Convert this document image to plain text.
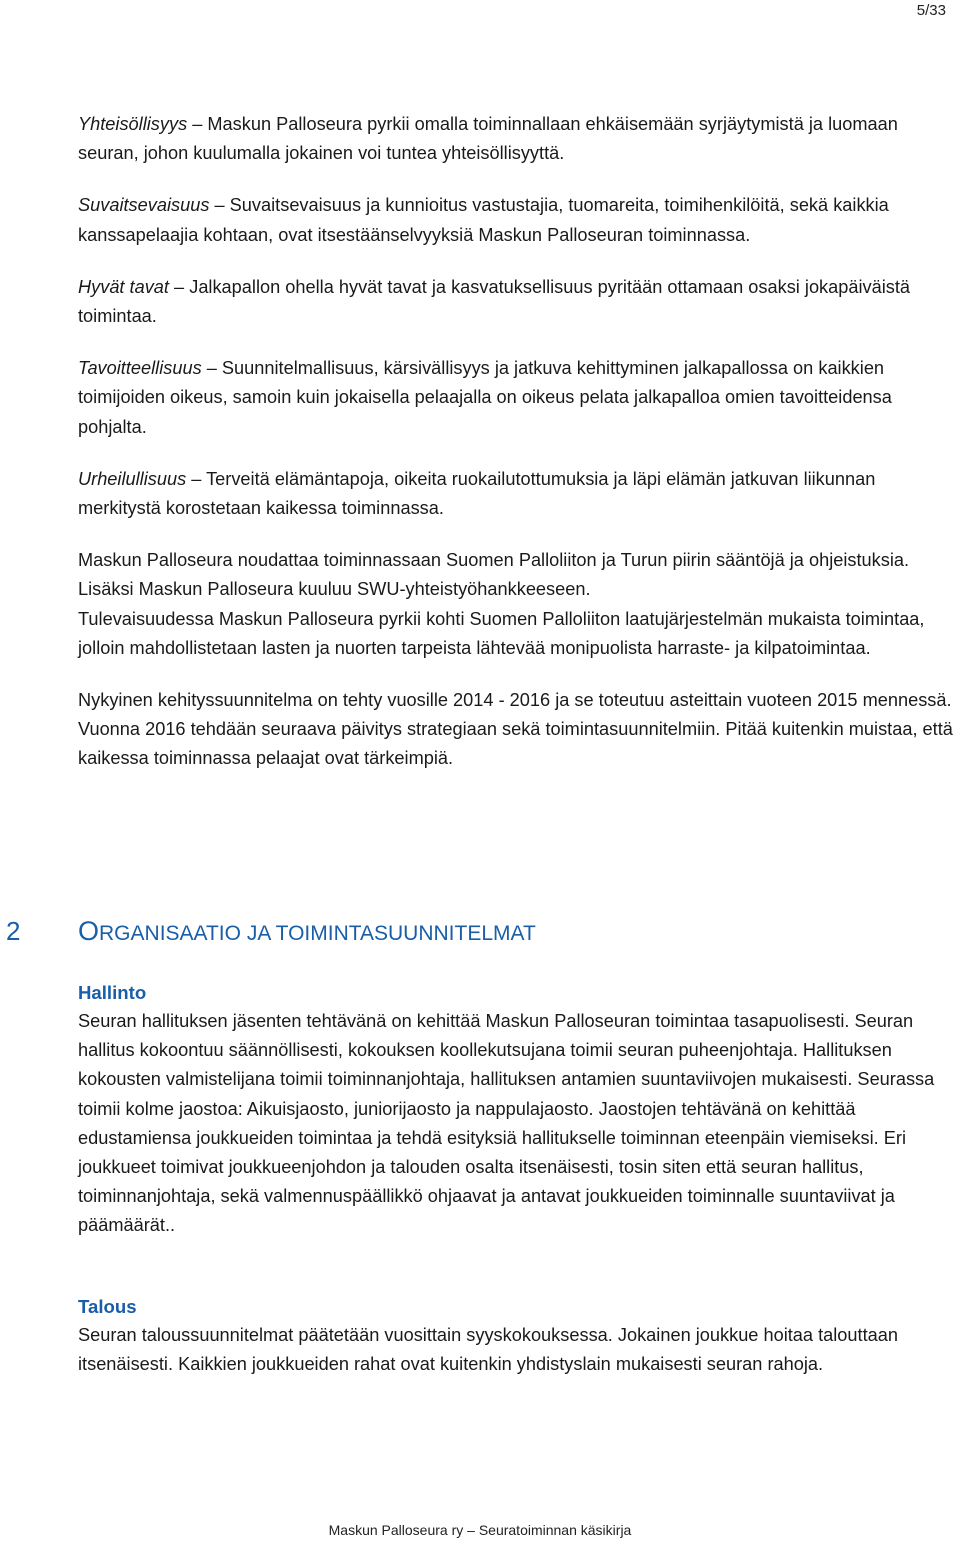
5/33

Yhteisöllisyys – Maskun Palloseura pyrkii omalla toiminnallaan ehkäisemään syrjäytymistä ja luomaan seuran, johon kuulumalla jokainen voi tuntea yhteisöllisyyttä.

Suvaitsevaisuus – Suvaitsevaisuus ja kunnioitus vastustajia, tuomareita, toimihenkilöitä, sekä kaikkia kanssapelaajia kohtaan, ovat itsestäänselvyyksiä Maskun Palloseuran toiminnassa.

Hyvät tavat – Jalkapallon ohella hyvät tavat ja kasvatuksellisuus pyritään ottamaan osaksi jokapäiväistä toimintaa.

Tavoitteellisuus – Suunnitelmallisuus, kärsivällisyys ja jatkuva kehittyminen jalkapallossa on kaikkien toimijoiden oikeus, samoin kuin jokaisella pelaajalla on oikeus pelata jalkapalloa omien tavoitteidensa pohjalta.

Urheilullisuus – Terveitä elämäntapoja, oikeita ruokailutottumuksia ja läpi elämän jatkuvan liikunnan merkitystä korostetaan kaikessa toiminnassa.

Maskun Palloseura noudattaa toiminnassaan Suomen Palloliiton ja Turun piirin sääntöjä ja ohjeistuksia. Lisäksi Maskun Palloseura kuuluu SWU-yhteistyöhankkeeseen.

Tulevaisuudessa Maskun Palloseura pyrkii kohti Suomen Palloliiton laatujärjestelmän mukaista toimintaa, jolloin mahdollistetaan lasten ja nuorten tarpeista lähtevää monipuolista harraste- ja kilpatoimintaa.

Nykyinen kehityssuunnitelma on tehty vuosille 2014 - 2016 ja se toteutuu asteittain vuoteen 2015 mennessä. Vuonna 2016 tehdään seuraava päivitys strategiaan sekä toimintasuunnitelmiin. Pitää kuitenkin muistaa, että kaikessa toiminnassa pelaajat ovat tärkeimpiä.

2 ORGANISAATIO JA TOIMINTASUUNNITELMAT
Hallinto

Seuran hallituksen jäsenten tehtävänä on kehittää Maskun Palloseuran toimintaa tasapuolisesti. Seuran hallitus kokoontuu säännöllisesti, kokouksen koollekutsujana toimii seuran puheenjohtaja. Hallituksen kokousten valmistelijana toimii toiminnanjohtaja, hallituksen antamien suuntaviivojen mukaisesti. Seurassa toimii kolme jaostoa: Aikuisjaosto, juniorijaosto ja nappulajaosto. Jaostojen tehtävänä on kehittää edustamiensa joukkueiden toimintaa ja tehdä esityksiä hallitukselle toiminnan eteenpäin viemiseksi. Eri joukkueet toimivat joukkueenjohdon ja talouden osalta itsenäisesti, tosin siten että seuran hallitus, toiminnanjohtaja, sekä valmennuspäällikkö ohjaavat ja antavat joukkueiden toiminnalle suuntaviivat ja päämäärät..

Talous

Seuran taloussuunnitelmat päätetään vuosittain syyskokouksessa. Jokainen joukkue hoitaa talouttaan itsenäisesti. Kaikkien joukkueiden rahat ovat kuitenkin yhdistyslain mukaisesti seuran rahoja.

Maskun Palloseura ry – Seuratoiminnan käsikirja
